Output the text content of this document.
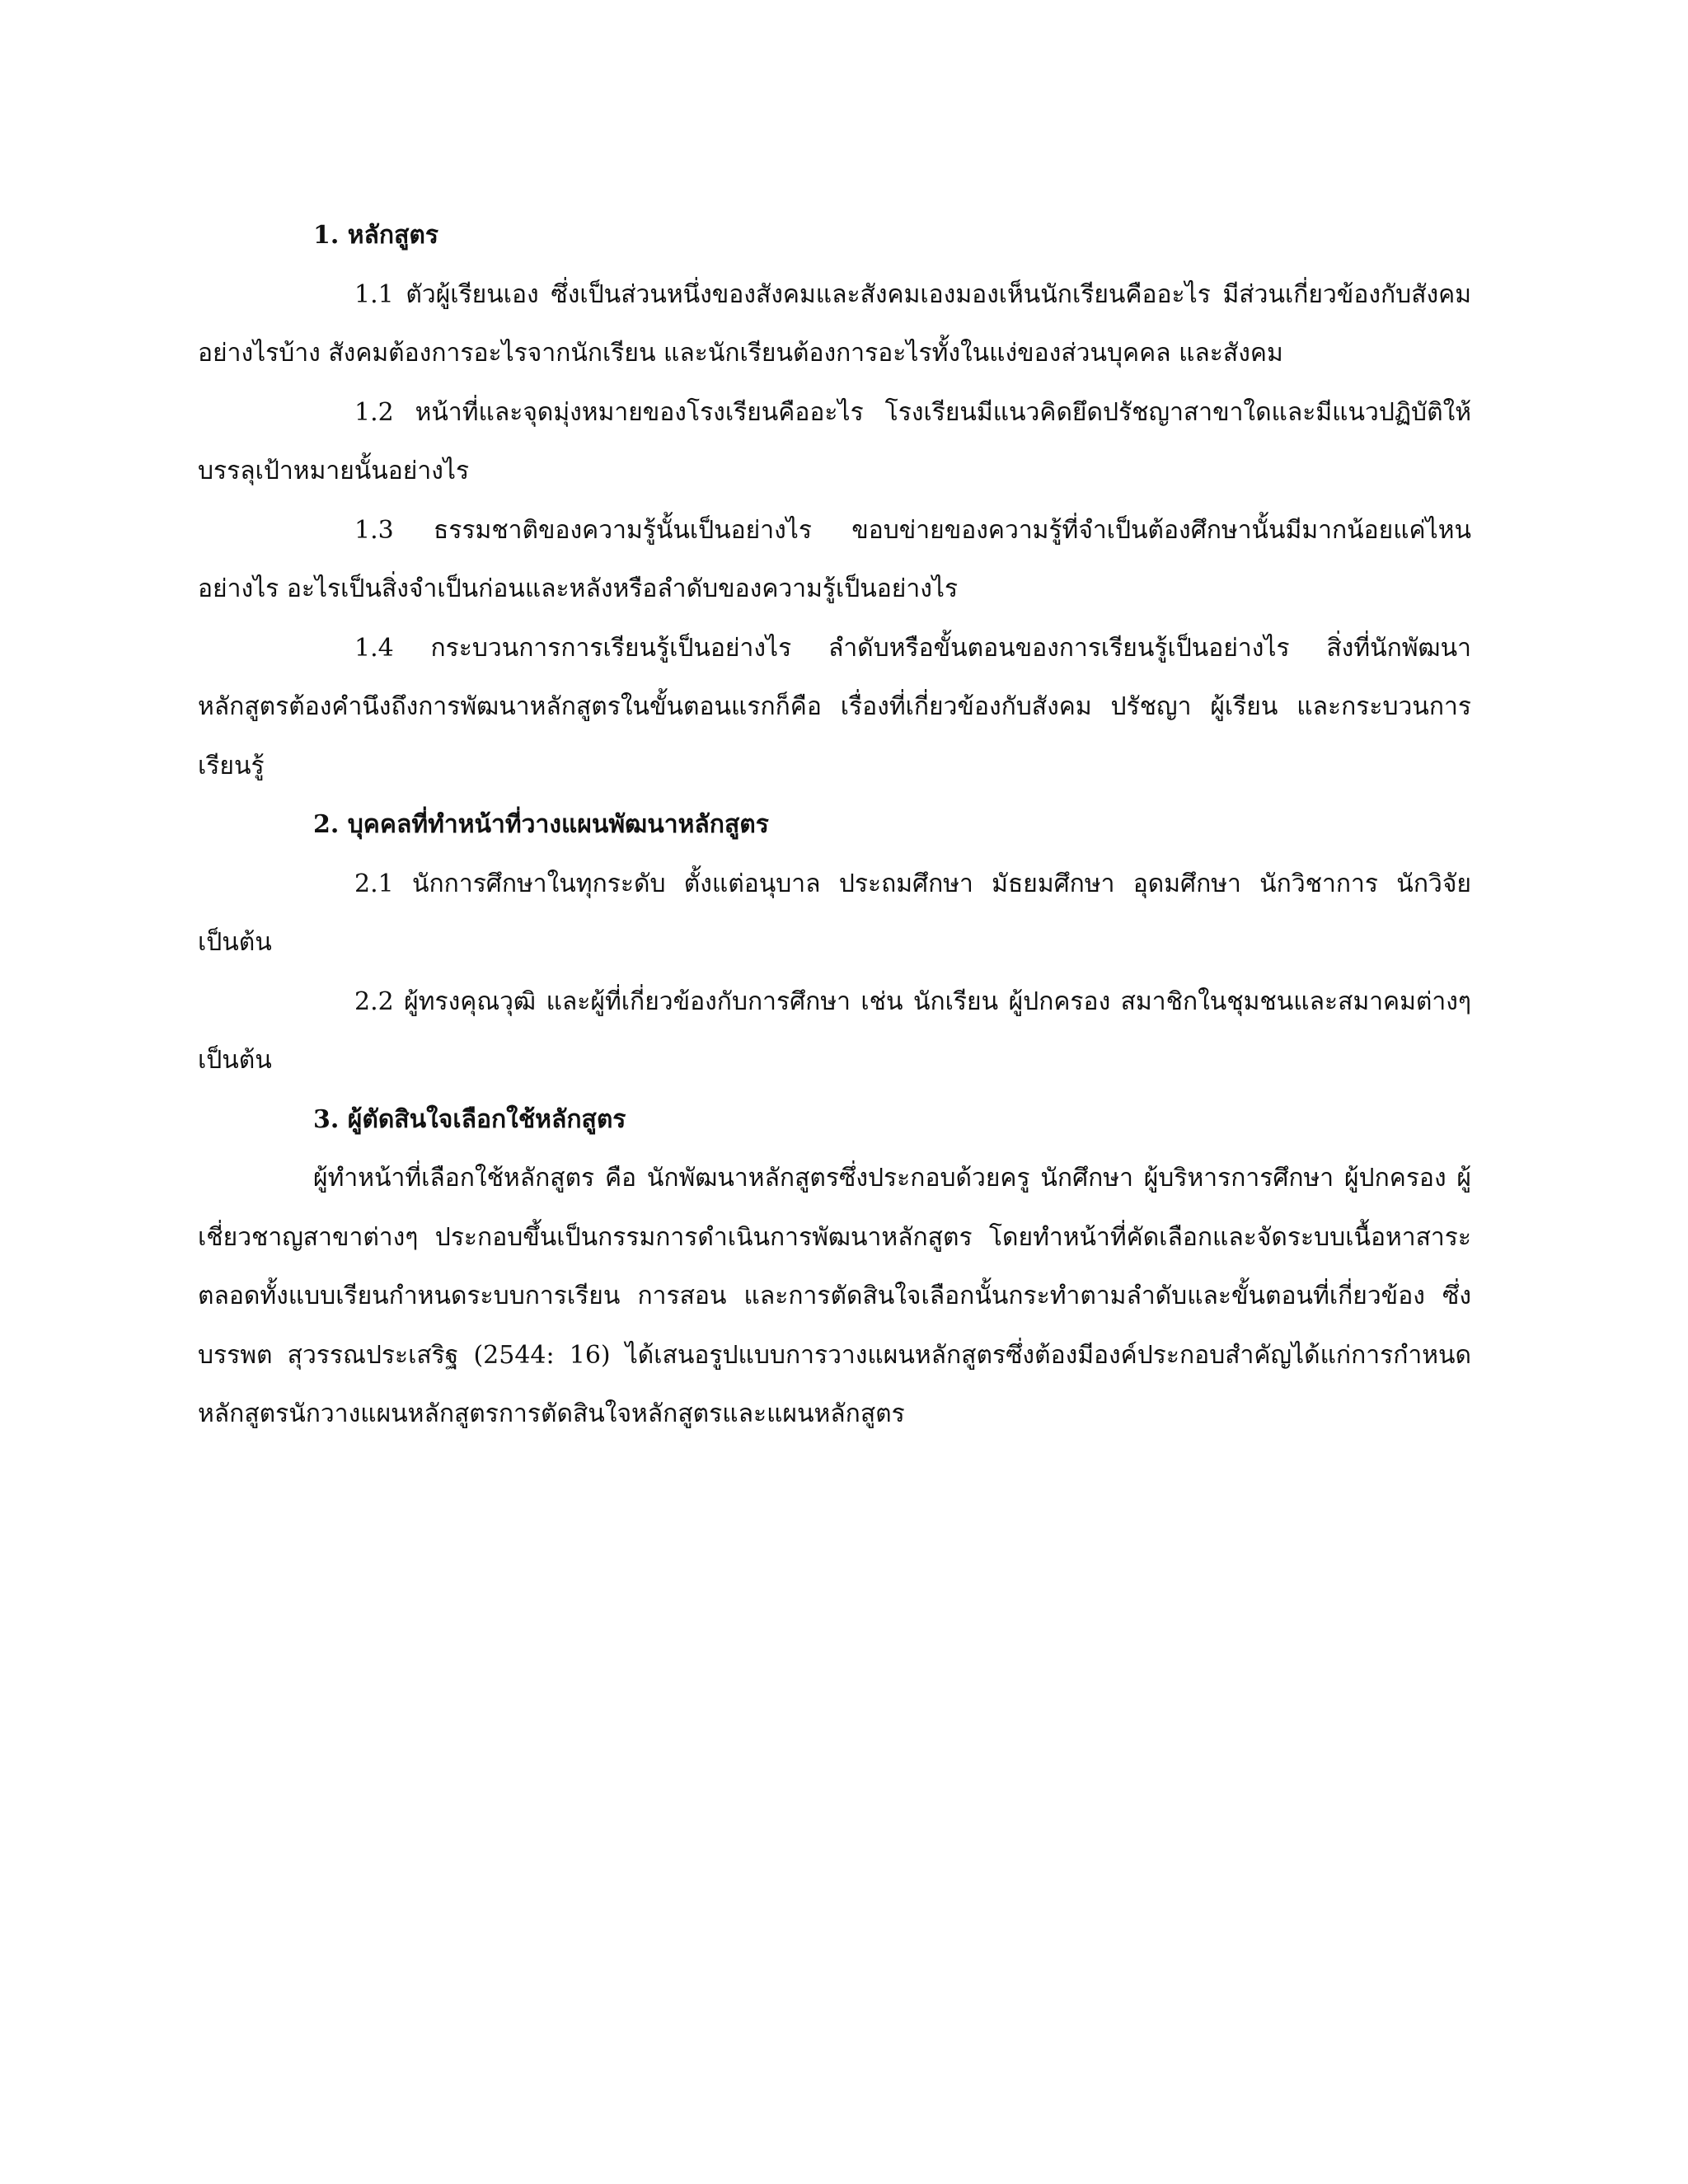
1. หลักสูตร

1.1 ตัวผู้เรียนเอง ซึ่งเป็นส่วนหนึ่งของสังคมและสังคมเองมองเห็นนักเรียนคืออะไร มีส่วนเกี่ยวข้องกับสังคมอย่างไรบ้าง สังคมต้องการอะไรจากนักเรียน และนักเรียนต้องการอะไรทั้งในแง่ของส่วนบุคคล และสังคม

1.2 หน้าที่และจุดมุ่งหมายของโรงเรียนคืออะไร โรงเรียนมีแนวคิดยึดปรัชญาสาขาใดและมีแนวปฏิบัติให้บรรลุเป้าหมายนั้นอย่างไร

1.3 ธรรมชาติของความรู้นั้นเป็นอย่างไร ขอบข่ายของความรู้ที่จำเป็นต้องศึกษานั้นมีมากน้อยแค่ไหน อย่างไร อะไรเป็นสิ่งจำเป็นก่อนและหลังหรือลำดับของความรู้เป็นอย่างไร

1.4 กระบวนการการเรียนรู้เป็นอย่างไร ลำดับหรือขั้นตอนของการเรียนรู้เป็นอย่างไร สิ่งที่นักพัฒนาหลักสูตรต้องคำนึงถึงการพัฒนาหลักสูตรในขั้นตอนแรกก็คือ เรื่องที่เกี่ยวข้องกับสังคม ปรัชญา ผู้เรียน และกระบวนการเรียนรู้

2. บุคคลที่ทำหน้าที่วางแผนพัฒนาหลักสูตร

2.1 นักการศึกษาในทุกระดับ ตั้งแต่อนุบาล ประถมศึกษา มัธยมศึกษา อุดมศึกษา นักวิชาการ นักวิจัย เป็นต้น

2.2 ผู้ทรงคุณวุฒิ และผู้ที่เกี่ยวข้องกับการศึกษา เช่น นักเรียน ผู้ปกครอง สมาชิกในชุมชนและสมาคมต่างๆ เป็นต้น

3. ผู้ตัดสินใจเลือกใช้หลักสูตร

ผู้ทำหน้าที่เลือกใช้หลักสูตร คือ นักพัฒนาหลักสูตรซึ่งประกอบด้วยครู นักศึกษา ผู้บริหารการศึกษา ผู้ปกครอง ผู้เชี่ยวชาญสาขาต่างๆ ประกอบขึ้นเป็นกรรมการดำเนินการพัฒนาหลักสูตร โดยทำหน้าที่คัดเลือกและจัดระบบเนื้อหาสาระตลอดทั้งแบบเรียนกำหนดระบบการเรียน การสอน และการตัดสินใจเลือกนั้นกระทำตามลำดับและขั้นตอนที่เกี่ยวข้อง ซึ่งบรรพต สุวรรณประเสริฐ (2544: 16) ได้เสนอรูปแบบการวางแผนหลักสูตรซึ่งต้องมีองค์ประกอบสำคัญได้แก่การกำหนดหลักสูตรนักวางแผนหลักสูตรการตัดสินใจหลักสูตรและแผนหลักสูตร
